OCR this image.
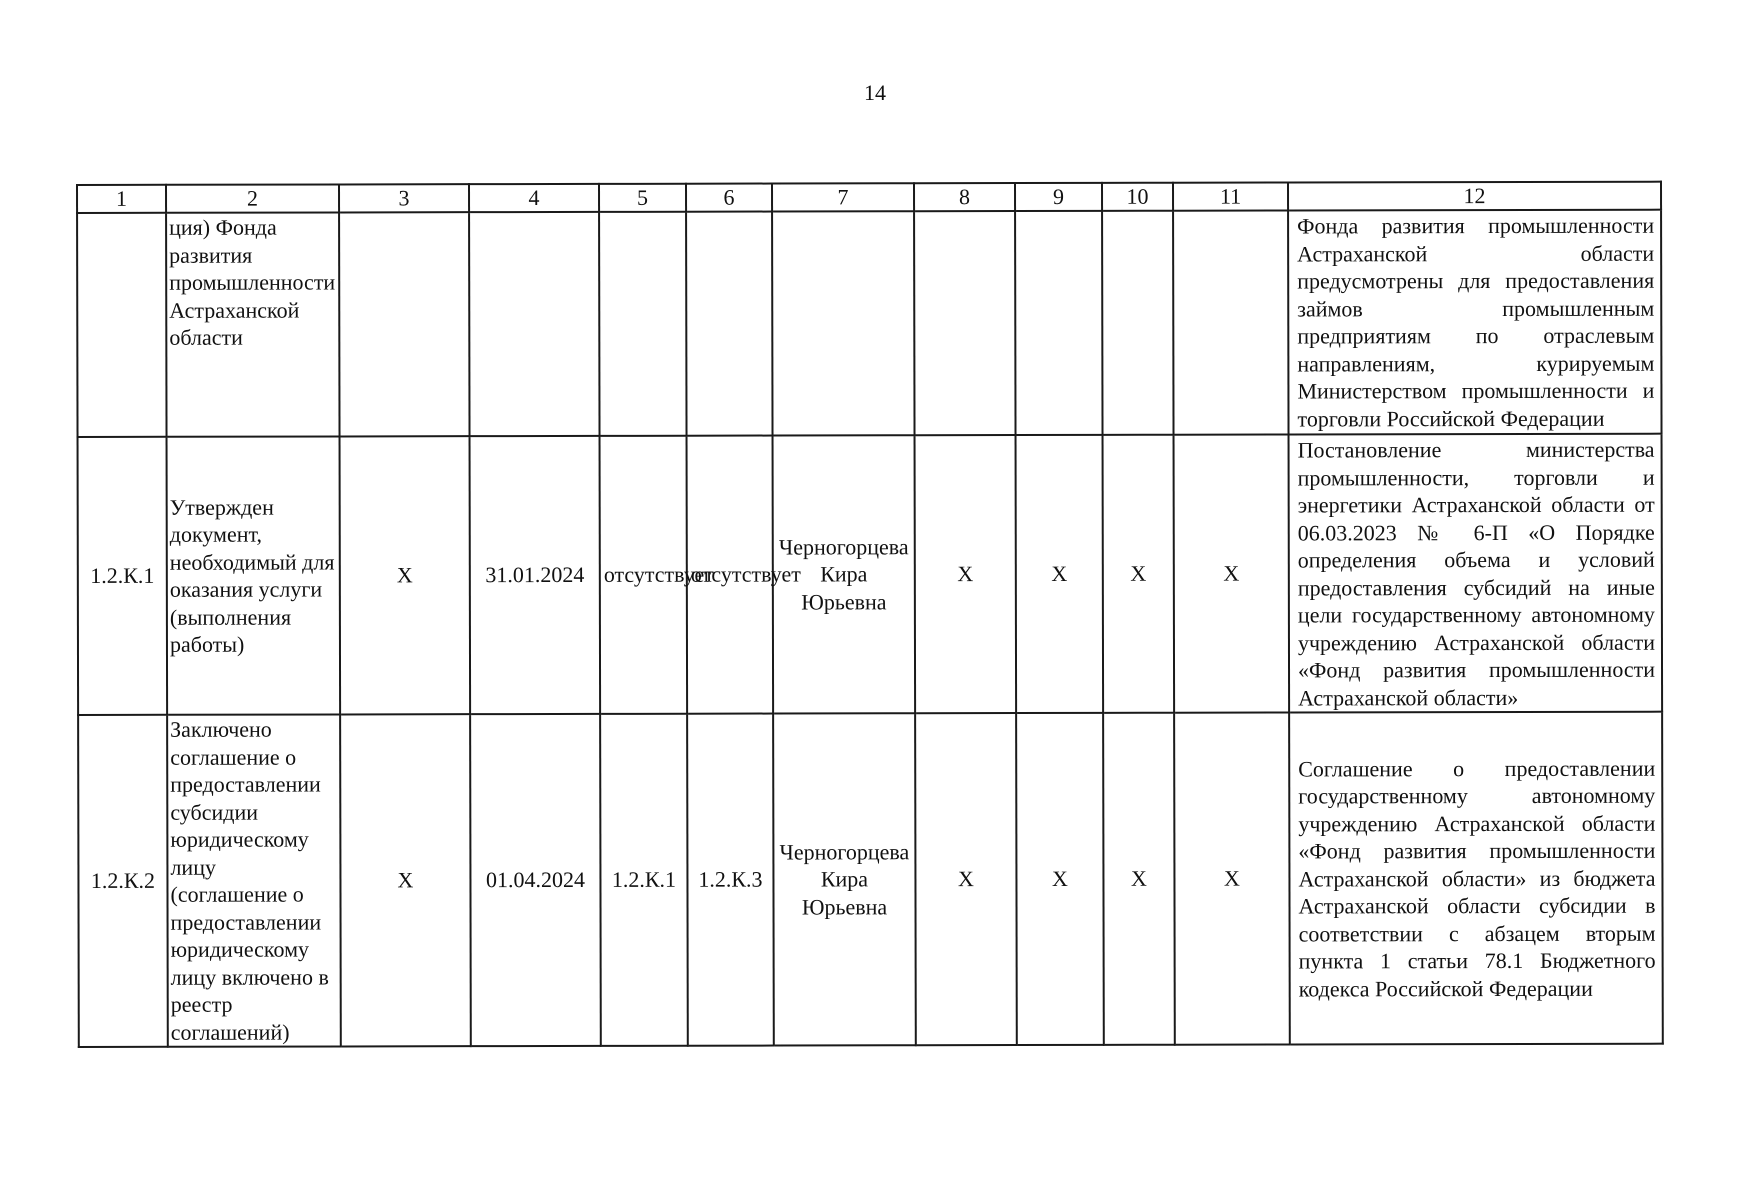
14
1	2	3	4	5	6	7	8	9	10	11	12
	ция) Фонда развития промышленности Астраханской области										Фонда развития промышленности Астраханской области предусмотрены для предоставления займов промышленным предприятиям по отраслевым направлениям, курируемым Министерством промышленности и торговли Российской Федерации
1.2.К.1	Утвержден документ, необходимый для оказания услуги (выполнения работы)	Х	31.01.2024	отсутствует	отсутствует	Черногорцева Кира Юрьевна	Х	Х	Х	Х	Постановление министерства промышленности, торговли и энергетики Астраханской области от 06.03.2023 № 6-П «О Порядке определения объема и условий предоставления субсидий на иные цели государственному автономному учреждению Астраханской области «Фонд развития промышленности Астраханской области»
1.2.К.2	Заключено соглашение о предоставлении субсидии юридическому лицу (соглашение о предоставлении юридическому лицу включено в реестр соглашений)	Х	01.04.2024	1.2.К.1	1.2.К.3	Черногорцева Кира Юрьевна	Х	Х	Х	Х	Соглашение о предоставлении государственному автономному учреждению Астраханской области «Фонд развития промышленности Астраханской области» из бюджета Астраханской области субсидии в соответствии с абзацем вторым пункта 1 статьи 78.1 Бюджетного кодекса Российской Федерации
